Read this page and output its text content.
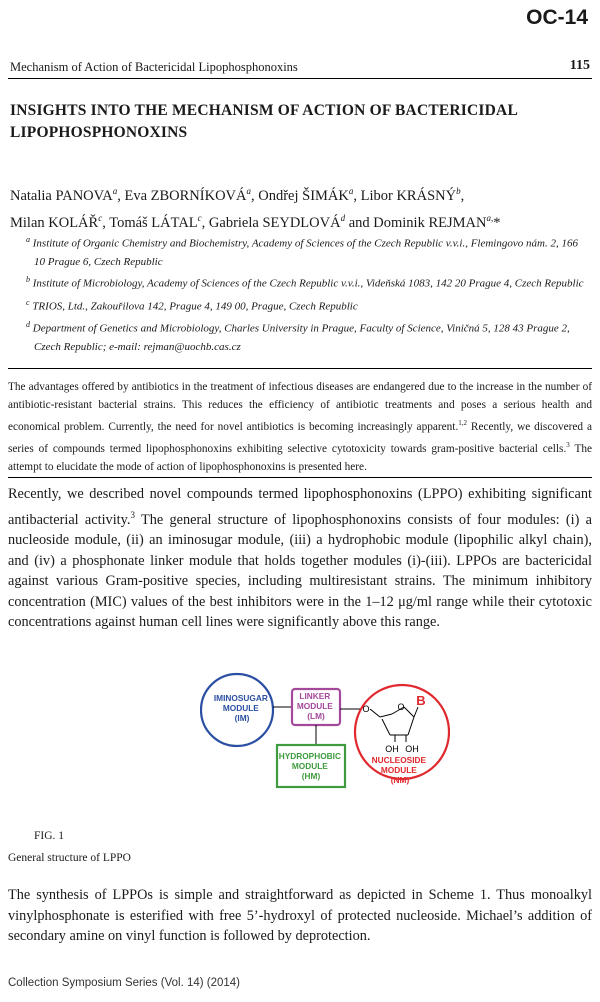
OC-14
Mechanism of Action of Bactericidal Lipophosphonoxins	115
INSIGHTS INTO THE MECHANISM OF ACTION OF BACTERICIDAL LIPOPHOSPHONOXINS
Natalia PANOVA$^a$, Eva ZBORNÍKOVÁ$^a$, Ondřej ŠIMÁK$^a$, Libor KRÁSNÝ$^b$,
Milan KOLÁŘ$^c$, Tomáš LÁTAL$^c$, Gabriela SEYDLOVÁ$^d$ and Dominik $REJMAN^{a,}*$
$^a$ Institute of Organic Chemistry and Biochemistry, Academy of Sciences of the Czech Republic v.v.i., Flemingovo nám. 2, 166 10 Prague 6, Czech Republic
$^b$ Institute of Microbiology, Academy of Sciences of the Czech Republic v.v.i., Videňská 1083, 142 20 Prague 4, Czech Republic
$^c$ TRIOS, Ltd., Zakouřilova 142, Prague 4, 149 00, Prague, Czech Republic
$^d$ Department of Genetics and Microbiology, Charles University in Prague, Faculty of Science, Viničná 5, 128 43 Prague 2, Czech Republic; e-mail: rejman@uochb.cas.cz
The advantages offered by antibiotics in the treatment of infectious diseases are endangered due to the increase in the number of antibiotic-resistant bacterial strains. This reduces the efficiency of antibiotic treatments and poses a serious health and economical problem. Currently, the need for novel antibiotics is becoming increasingly apparent.$^{1,2}$ Recently, we discovered a series of compounds termed lipophosphonoxins exhibiting selective cytotoxicity towards gram-positive bacterial cells.$^3$ The attempt to elucidate the mode of action of lipophosphonoxins is presented here.
Recently, we described novel compounds termed lipophosphonoxins (LPPO) exhibiting significant antibacterial activity.$^3$ The general structure of lipophosphonoxins consists of four modules: (i) a nucleoside module, (ii) an iminosugar module, (iii) a hydrophobic module (lipophilic alkyl chain), and (iv) a phosphonate linker module that holds together modules (i)-(iii). LPPOs are bactericidal against various Gram-positive species, including multiresistant strains. The minimum inhibitory concentration (MIC) values of the best inhibitors were in the 1–12 μg/ml range while their cytotoxic concentrations against human cell lines were significantly above this range.
IMINOSUGAR MODULE (IM)
LINKER MODULE (LM)
HYDROPHOBIC MODULE (HM)
O	O B
OH OH
NUCLEOSIDE MODULE (NM)
FIG. 1
General structure of LPPO
The synthesis of LPPOs is simple and straightforward as depicted in Scheme 1. Thus monoalkyl vinylphosphonate is esterified with free 5’-hydroxyl of protected nucleoside. Michael’s addition of secondary amine on vinyl function is followed by deprotection.
Collection Symposium Series (Vol. 14) (2014)
